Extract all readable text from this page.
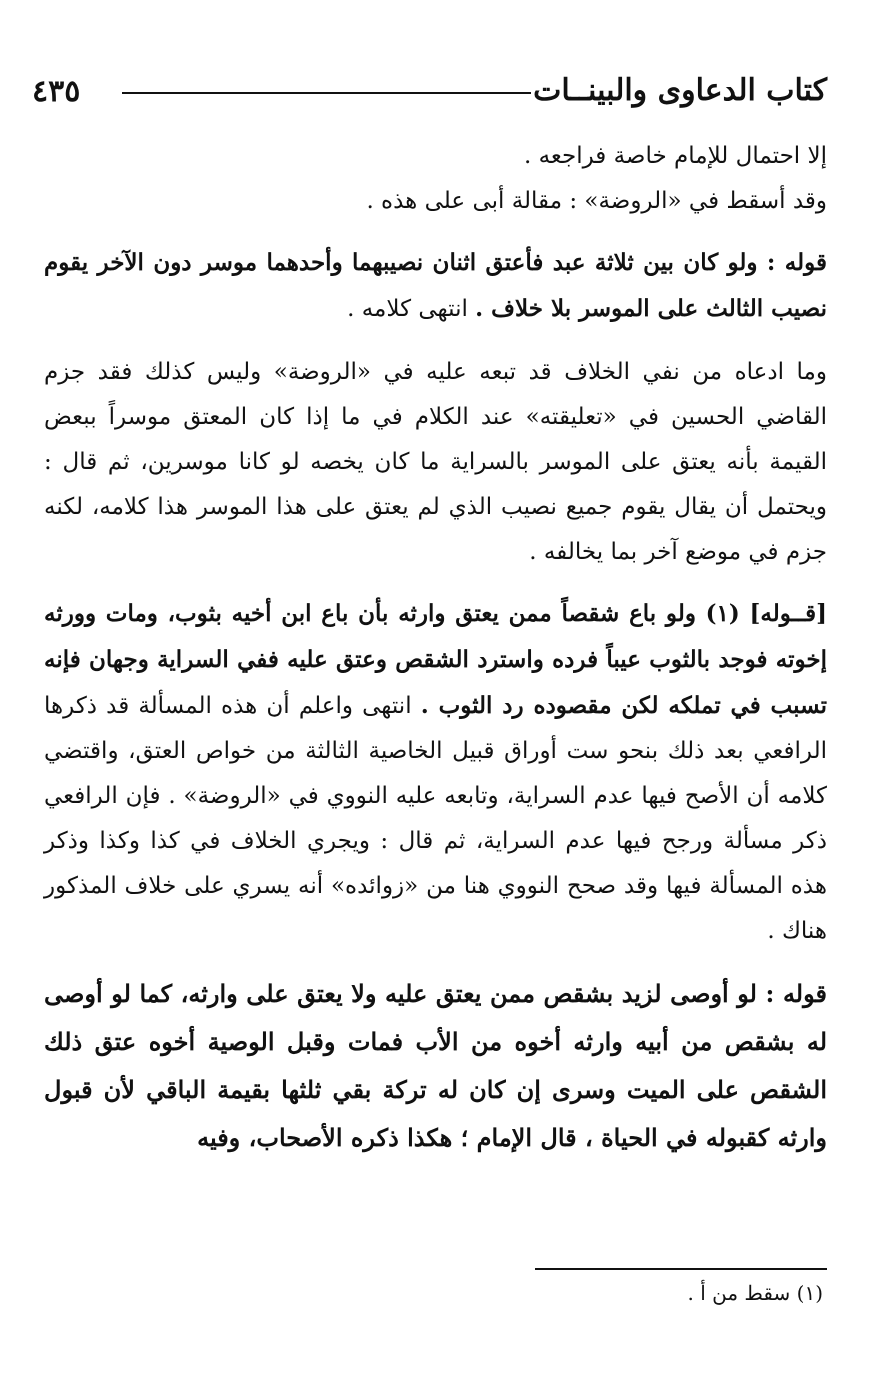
٤٣٥	كتاب الدعاوى والبينــات

إلا احتمال للإمام خاصة فراجعه .

وقد أسقط في «الروضة» : مقالة أبى على هذه .

قوله : ولو كان بين ثلاثة عبد فأعتق اثنان نصيبهما وأحدهما موسر دون الآخر يقوم نصيب الثالث على الموسر بلا خلاف . انتهى كلامه .

وما ادعاه من نفي الخلاف قد تبعه عليه في «الروضة» وليس كذلك فقد جزم القاضي الحسين في «تعليقته» عند الكلام في ما إذا كان المعتق موسراً ببعض القيمة بأنه يعتق على الموسر بالسراية ما كان يخصه لو كانا موسرين، ثم قال : ويحتمل أن يقال يقوم جميع نصيب الذي لم يعتق على هذا الموسر هذا كلامه، لكنه جزم في موضع آخر بما يخالفه .

[قــوله] (١) ولو باع شقصاً ممن يعتق وارثه بأن باع ابن أخيه بثوب، ومات وورثه إخوته فوجد بالثوب عيباً فرده واسترد الشقص وعتق عليه ففي السراية وجهان فإنه تسبب في تملكه لكن مقصوده رد الثوب . انتهى واعلم أن هذه المسألة قد ذكرها الرافعي بعد ذلك بنحو ست أوراق قبيل الخاصية الثالثة من خواص العتق، واقتضي كلامه أن الأصح فيها عدم السراية، وتابعه عليه النووي في «الروضة» . فإن الرافعي ذكر مسألة ورجح فيها عدم السراية، ثم قال : ويجري الخلاف في كذا وكذا وذكر هذه المسألة فيها وقد صحح النووي هنا من «زوائده» أنه يسري على خلاف المذكور هناك .

قوله : لو أوصى لزيد بشقص ممن يعتق عليه ولا يعتق على وارثه، كما لو أوصى له بشقص من أبيه وارثه أخوه من الأب فمات وقبل الوصية أخوه عتق ذلك الشقص على الميت وسرى إن كان له تركة بقي ثلثها بقيمة الباقي لأن قبول وارثه كقبوله في الحياة ، قال الإمام ؛ هكذا ذكره الأصحاب، وفيه

(١) سقط من أ .
